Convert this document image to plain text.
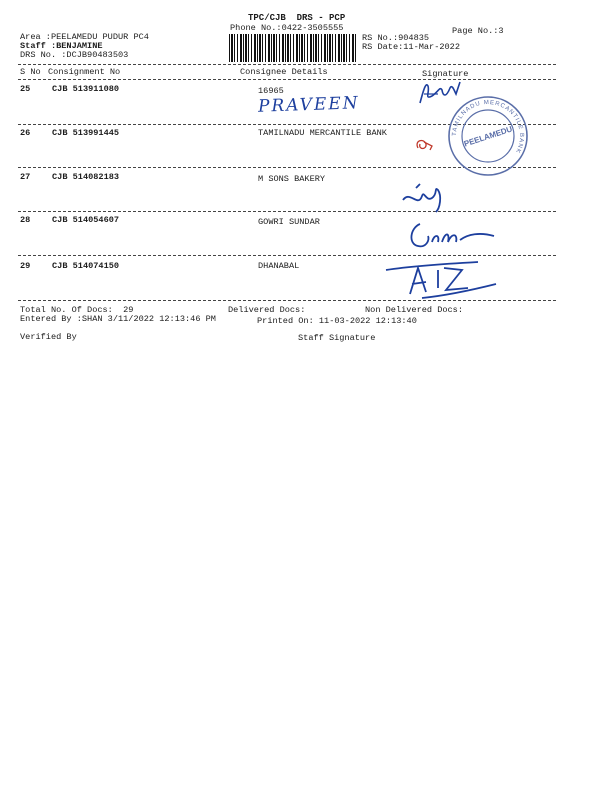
TPC/CJB  DRS - PCP
Phone No.:0422-3505555	Page No.:3
Area :PEELAMEDU PUDUR PC4
Staff :BENJAMINE
DRS No. :DCJB90483503
RS No.:904835
RS Date:11-Mar-2022
S No Consignment No	Consignee Details	Signature
25	CJB 513911080	16965
26	CJB 513991445	TAMILNADU MERCANTILE BANK
27	CJB 514082183	M SONS BAKERY
28	CJB 514054607	GOWRI SUNDAR
29	CJB 514074150	DHANABAL
PRAVEEN
TAMILNADU MERCANTILE BANK
PEELAMEDU
Total No. Of Docs:  29	Delivered Docs:	Non Delivered Docs:
Entered By :SHAN 3/11/2022 12:13:46 PM	Printed On: 11-03-2022 12:13:40
Verified By	Staff Signature
